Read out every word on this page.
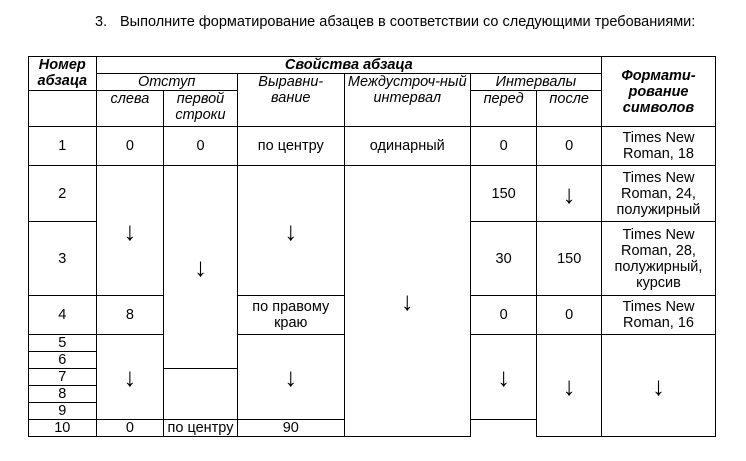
3. Выполните форматирование абзацев в соответствии со следующими требованиями:
Номер абзаца	Свойства абзаца						Формати-рование символов
	Отступ		Выравни-вание	Междустроч-ный интервал	Интервалы		
	слева	первой строки			перед	после	
1	0	0	по центру	одинарный	0	0	Times New Roman, 18
2	↓	↓	↓	↓	150	↓	Times New Roman, 24, полужирный
3					30	150	Times New Roman, 28, полужирный, курсив
4	8		по правому краю		0	0	Times New Roman, 16
5	↓		↓		↓	↓	↓
6							
7							
8							
9							
10	0	по центру	90				
